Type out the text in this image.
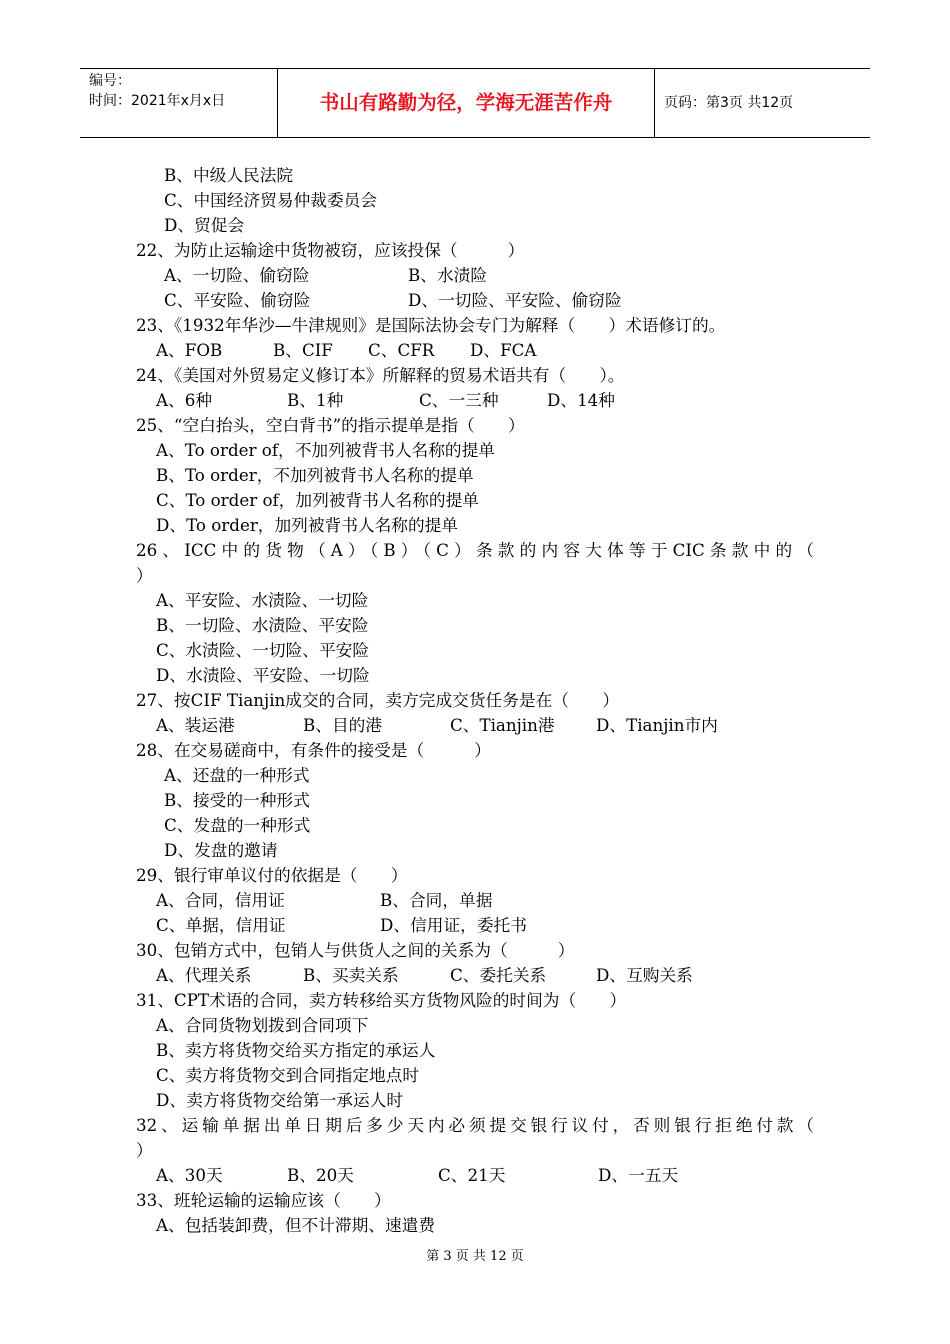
编号：
时间：2021年x月x日	书山有路勤为径，学海无涯苦作舟	页码：第3页 共12页
B、中级人民法院
C、中国经济贸易仲裁委员会
D、贸促会
22、为防止运输途中货物被窃，应该投保（　　　）
A、一切险、偷窃险	B、水渍险
C、平安险、偷窃险	D、一切险、平安险、偷窃险
23、《1932年华沙—牛津规则》是国际法协会专门为解释（　　）术语修订的。
A、FOB	B、CIF C、CFR D、FCA
24、《美国对外贸易定义修订本》所解释的贸易术语共有（　　）。
A、6种	B、1种	C、一三种	D、14种
25、“空白抬头，空白背书”的指示提单是指（　　）
A、To order of，不加列被背书人名称的提单
B、To order，不加列被背书人名称的提单
C、To order of，加列被背书人名称的提单
D、To order，加列被背书人名称的提单
26、ICC中的货物（A）（B）（C）条款的内容大体等于CIC条款中的（
）
A、平安险、水渍险、一切险
B、一切险、水渍险、平安险
C、水渍险、一切险、平安险
D、水渍险、平安险、一切险
27、按CIF Tianjin成交的合同，卖方完成交货任务是在（　　）
A、装运港	B、目的港	C、Tianjin港 D、Tianjin市内
28、在交易磋商中，有条件的接受是（　　　）
A、还盘的一种形式
B、接受的一种形式
C、发盘的一种形式
D、发盘的邀请
29、银行审单议付的依据是（　　）
A、合同，信用证	B、合同，单据
C、单据，信用证	D、信用证，委托书
30、包销方式中，包销人与供货人之间的关系为（　　　）
A、代理关系	B、买卖关系	C、委托关系	D、互购关系
31、CPT术语的合同，卖方转移给买方货物风险的时间为（　　）
A、合同货物划拨到合同项下
B、卖方将货物交给买方指定的承运人
C、卖方将货物交到合同指定地点时
D、卖方将货物交给第一承运人时
32、运输单据出单日期后多少天内必须提交银行议付，否则银行拒绝付款（
）
A、30天	B、20天	C、21天	D、一五天
33、班轮运输的运输应该（　　）
A、包括装卸费，但不计滞期、速遣费
第 3 页 共 12 页
